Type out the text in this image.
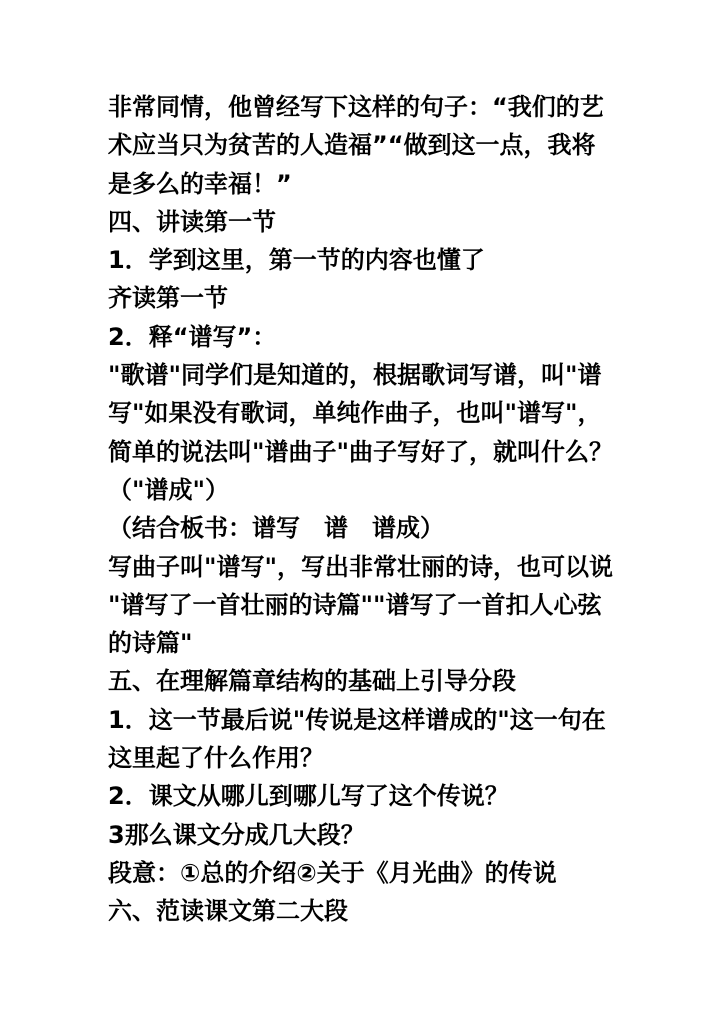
非常同情，他曾经写下这样的句子：“我们的艺
术应当只为贫苦的人造福”“做到这一点，我将
是多么的幸福！”
四、讲读第一节
1．学到这里，第一节的内容也懂了
齐读第一节
2．释“谱写”：
"歌谱"同学们是知道的，根据歌词写谱，叫"谱
写"如果没有歌词，单纯作曲子，也叫"谱写"，
简单的说法叫"谱曲子"曲子写好了，就叫什么？
（"谱成"）
（结合板书：谱写　谱　谱成）
写曲子叫"谱写"，写出非常壮丽的诗，也可以说
"谱写了一首壮丽的诗篇""谱写了一首扣人心弦
的诗篇"
五、在理解篇章结构的基础上引导分段
1．这一节最后说"传说是这样谱成的"这一句在
这里起了什么作用？
2．课文从哪儿到哪儿写了这个传说？
3那么课文分成几大段？
段意：①总的介绍②关于《月光曲》的传说
六、范读课文第二大段
